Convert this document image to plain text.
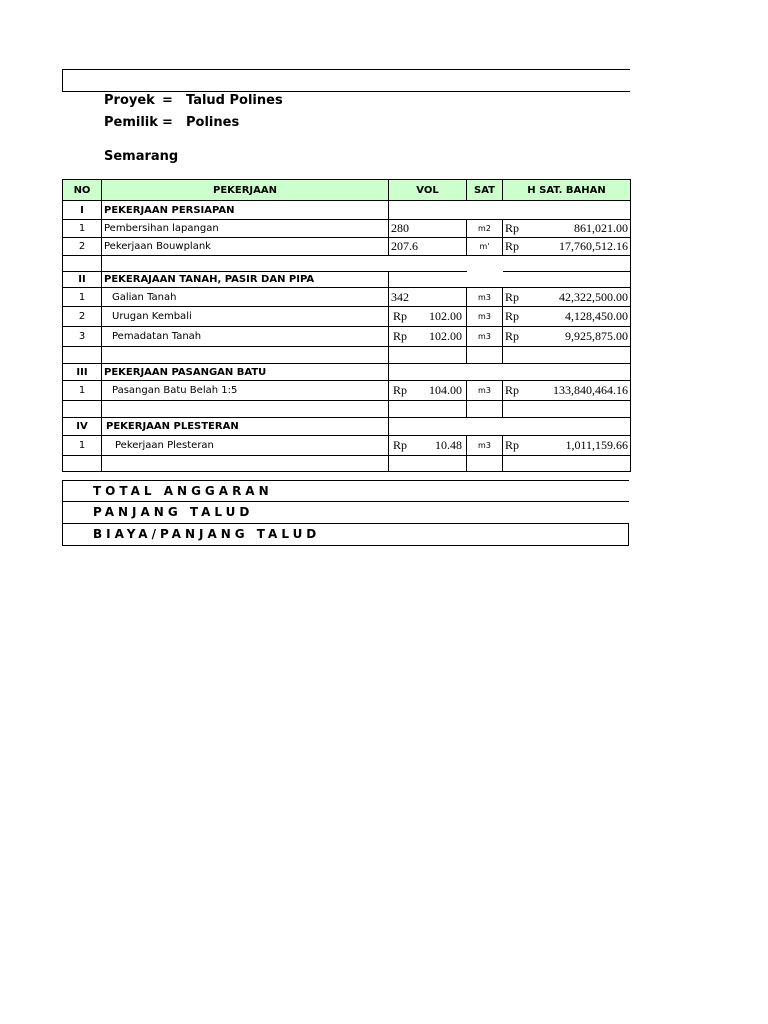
Proyek = Talud Polines
Pemilik = Polines
Semarang
NO	PEKERJAAN	VOL	SAT	H SAT. BAHAN
I	PEKERJAAN PERSIAPAN			
1	Pembersihan lapangan	280	m2	Rp 861,021.00

2	Pekerjaan Bouwplank	207.6	m'	Rp 17,760,512.16

II	PEKERAJAAN TANAH, PASIR DAN PIPA			
1	Galian Tanah	342	m3	Rp 42,322,500.00

2	Urugan Kembali	Rp 102.00	m3	Rp 4,128,450.00

3	Pemadatan Tanah	Rp 102.00	m3	Rp 9,925,875.00

III	PEKERJAAN PASANGAN BATU			
1	Pasangan Batu Belah 1:5	Rp 104.00	m3	Rp 133,840,464.16

IV	PEKERJAAN PLESTERAN			
1	Pekerjaan Plesteran	Rp 10.48	m3	Rp 1,011,159.66

TOTAL ANGGARAN
PANJANG TALUD
BIAYA/PANJANG TALUD
